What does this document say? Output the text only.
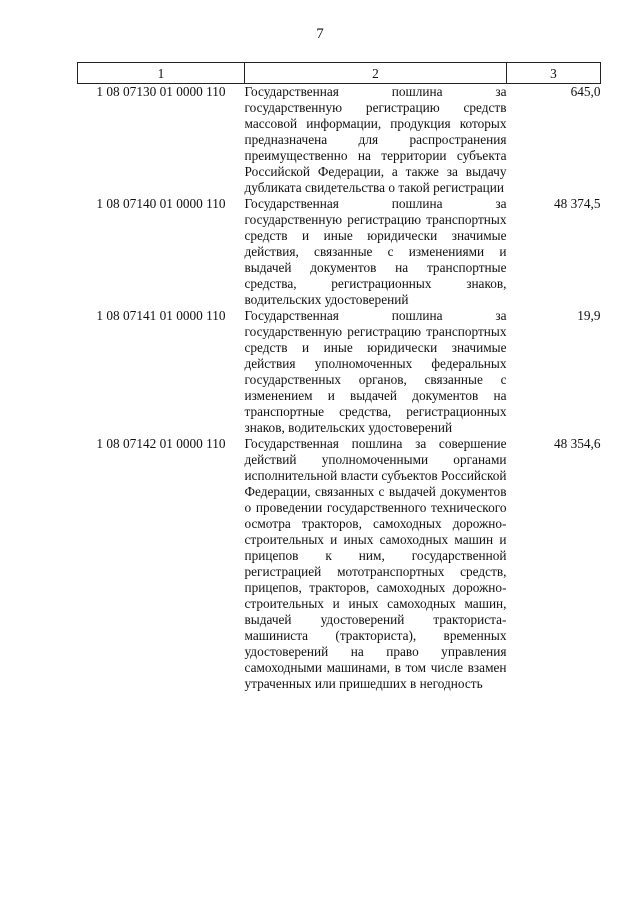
7
1	2	3
1 08 07130 01 0000 110	Государственная пошлина за государственную регистрацию средств массовой информации, продукция которых предназначена для распространения преимущественно на территории субъекта Российской Федерации, а также за выдачу дубликата свидетельства о такой регистрации	645,0
1 08 07140 01 0000 110	Государственная пошлина за государственную регистрацию транспортных средств и иные юридически значимые действия, связанные с изменениями и выдачей документов на транспортные средства, регистрационных знаков, водительских удостоверений	48 374,5
1 08 07141 01 0000 110	Государственная пошлина за государственную регистрацию транспортных средств и иные юридически значимые действия уполномоченных федеральных государственных органов, связанные с изменением и выдачей документов на транспортные средства, регистрационных знаков, водительских удостоверений	19,9
1 08 07142 01 0000 110	Государственная пошлина за совершение действий уполномоченными органами исполнительной власти субъектов Российской Федерации, связанных с выдачей документов о проведении государственного технического осмотра тракторов, самоходных дорожно-строительных и иных самоходных машин и прицепов к ним, государственной регистрацией мототранспортных средств, прицепов, тракторов, самоходных дорожно-строительных и иных самоходных машин, выдачей удостоверений тракториста-машиниста (тракториста), временных удостоверений на право управления самоходными машинами, в том числе взамен утраченных или пришедших в негодность	48 354,6
